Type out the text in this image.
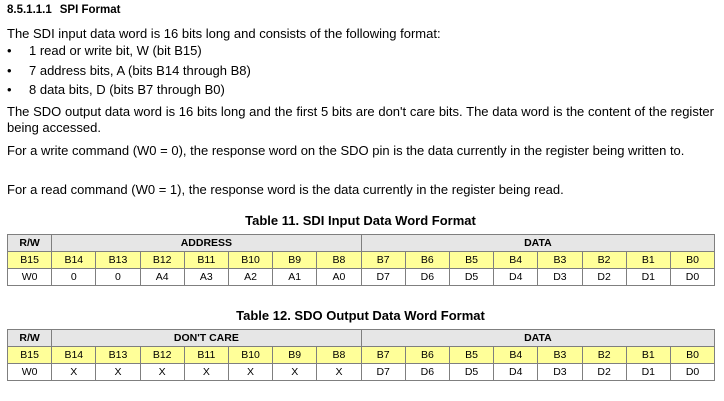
8.5.1.1.1 SPI Format
The SDI input data word is 16 bits long and consists of the following format:
• 1 read or write bit, W (bit B15)
• 7 address bits, A (bits B14 through B8)
• 8 data bits, D (bits B7 through B0)
The SDO output data word is 16 bits long and the first 5 bits are don't care bits. The data word is the content of the register being accessed.
For a write command (W0 = 0), the response word on the SDO pin is the data currently in the register being written to.
For a read command (W0 = 1), the response word is the data currently in the register being read.
Table 11. SDI Input Data Word Format
R/W	ADDRESS							DATA							
B15	B14	B13	B12	B11	B10	B9	B8	B7	B6	B5	B4	B3	B2	B1	B0
W0	0	0	A4	A3	A2	A1	A0	D7	D6	D5	D4	D3	D2	D1	D0
Table 12. SDO Output Data Word Format
R/W	DON'T CARE							DATA							
B15	B14	B13	B12	B11	B10	B9	B8	B7	B6	B5	B4	B3	B2	B1	B0
W0	X	X	X	X	X	X	X	D7	D6	D5	D4	D3	D2	D1	D0
